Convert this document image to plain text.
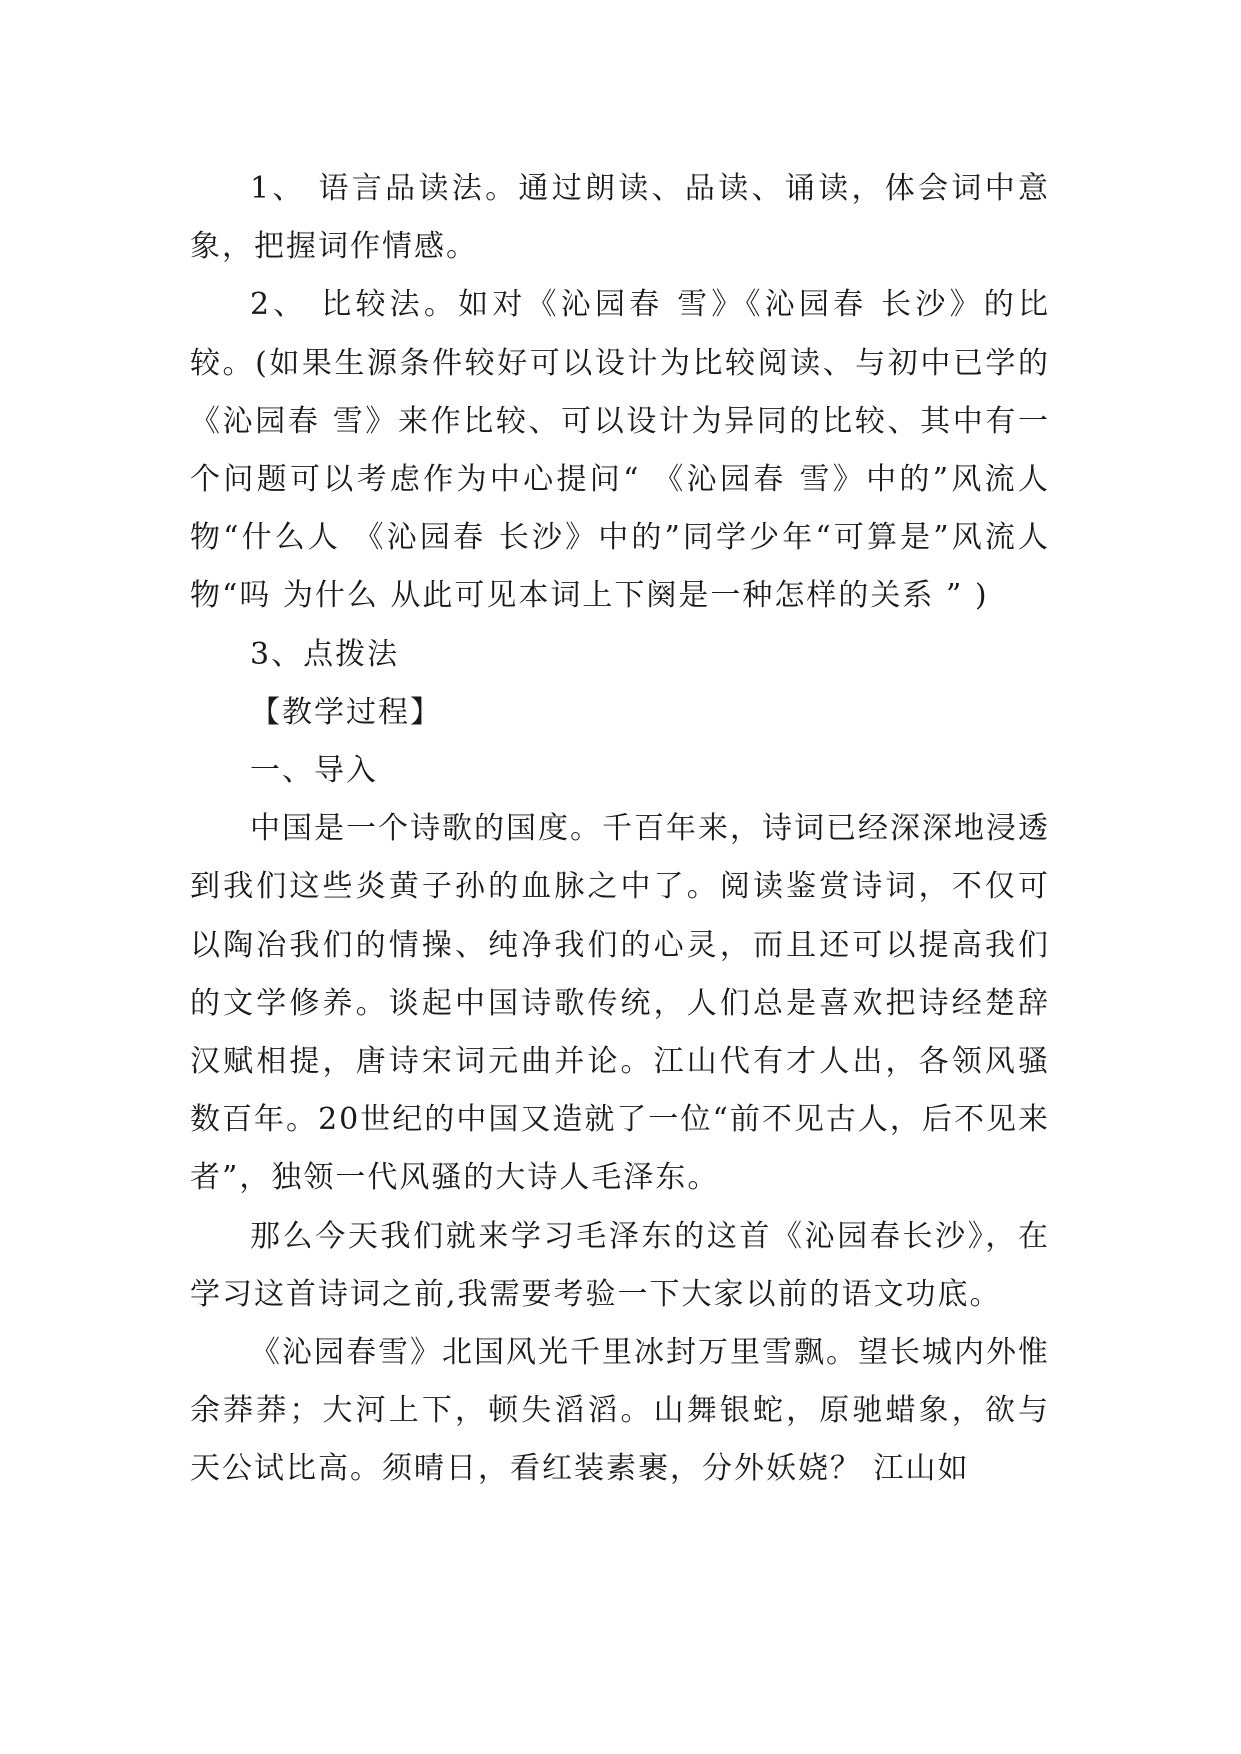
1、 语言品读法。通过朗读、品读、诵读，体会词中意象，把握词作情感。

2、 比较法。如对《沁园春 雪》《沁园春 长沙》的比较。(如果生源条件较好可以设计为比较阅读、与初中已学的《沁园春 雪》来作比较、可以设计为异同的比较、其中有一个问题可以考虑作为中心提问“ 《沁园春 雪》中的”风流人物“什么人 《沁园春 长沙》中的”同学少年“可算是”风流人物“吗 为什么 从此可见本词上下阕是一种怎样的关系 ” )

3、点拨法

【教学过程】

一、导入

中国是一个诗歌的国度。千百年来，诗词已经深深地浸透到我们这些炎黄子孙的血脉之中了。阅读鉴赏诗词，不仅可以陶冶我们的情操、纯净我们的心灵，而且还可以提高我们的文学修养。谈起中国诗歌传统，人们总是喜欢把诗经楚辞汉赋相提，唐诗宋词元曲并论。江山代有才人出，各领风骚数百年。20世纪的中国又造就了一位“前不见古人，后不见来者”，独领一代风骚的大诗人毛泽东。

那么今天我们就来学习毛泽东的这首《沁园春长沙》，在学习这首诗词之前,我需要考验一下大家以前的语文功底。

《沁园春雪》北国风光千里冰封万里雪飘。望长城内外惟余莽莽；大河上下，顿失滔滔。山舞银蛇，原驰蜡象，欲与天公试比高。须晴日，看红装素裹，分外妖娆？ 江山如
